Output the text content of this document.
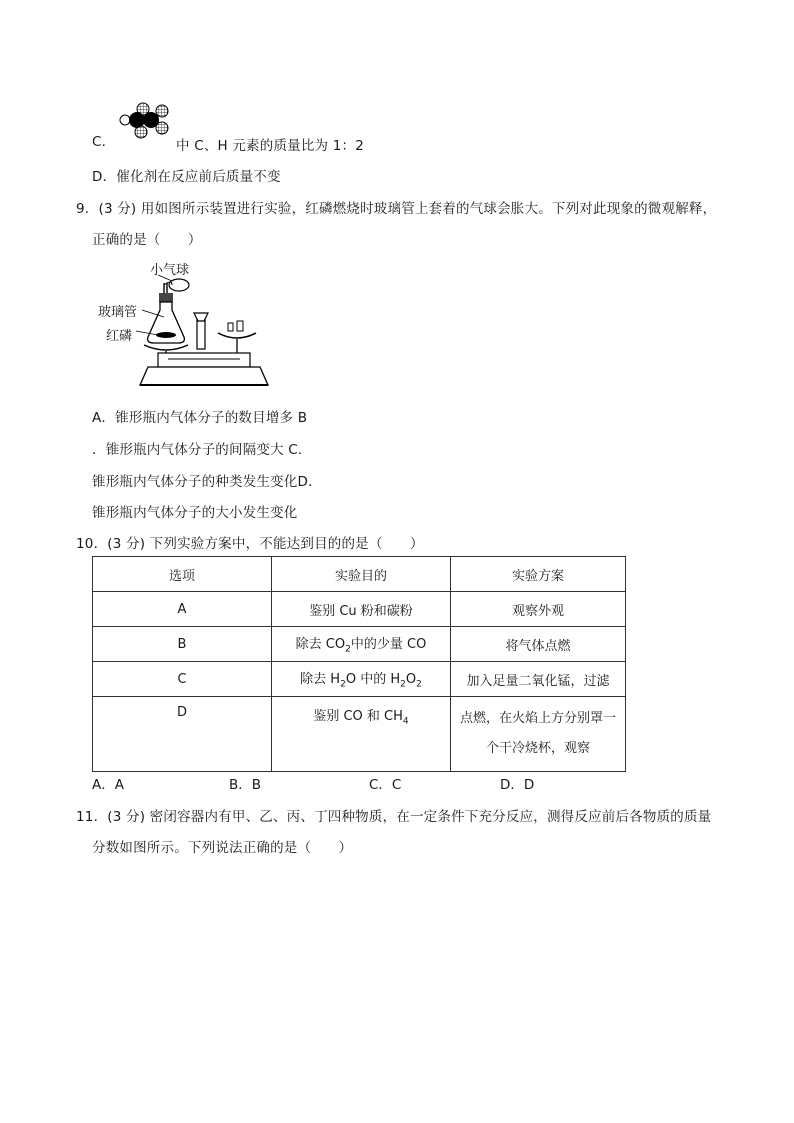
C.	中 C、H 元素的质量比为 1：2
D．催化剂在反应前后质量不变
9．(3 分) 用如图所示装置进行实验，红磷燃烧时玻璃管上套着的气球会胀大。下列对此现象的微观解释，
正确的是（　　）
小气球
玻璃管
红磷
A．锥形瓶内气体分子的数目增多 B
．锥形瓶内气体分子的间隔变大 C．
锥形瓶内气体分子的种类发生变化D．
锥形瓶内气体分子的大小发生变化
10．(3 分) 下列实验方案中，不能达到目的的是（　　）
选项	实验目的	实验方案
A	鉴别 Cu 粉和碳粉	观察外观
B	除去 $CO_2$中的少量 CO	将气体点燃
C	除去 $H_2O$ 中的 $H_2O_2$	加入足量二氧化锰，过滤
D	鉴别 CO 和 $CH_4$	点燃，在火焰上方分别罩一个干冷烧杯，观察
A．A	B．B	C．C	D．D
11．(3 分) 密闭容器内有甲、乙、丙、丁四种物质，在一定条件下充分反应，测得反应前后各物质的质量
分数如图所示。下列说法正确的是（　　）
